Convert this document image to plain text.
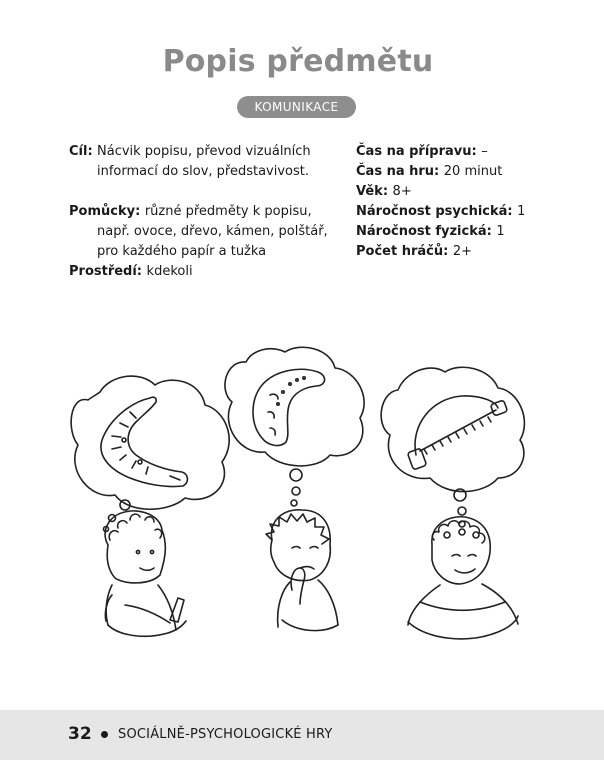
Popis předmětu
KOMUNIKACE
Cíl: Nácvik popisu, převod vizuálních
informací do slov, představivost.
Pomůcky: různé předměty k popisu,
např. ovoce, dřevo, kámen, polštář,
pro každého papír a tužka
Prostředí: kdekoli
Čas na přípravu: –
Čas na hru: 20 minut
Věk: 8+
Náročnost psychická: 1
Náročnost fyzická: 1
Počet hráčů: 2+
32 SOCIÁLNĚ-PSYCHOLOGICKÉ HRY
